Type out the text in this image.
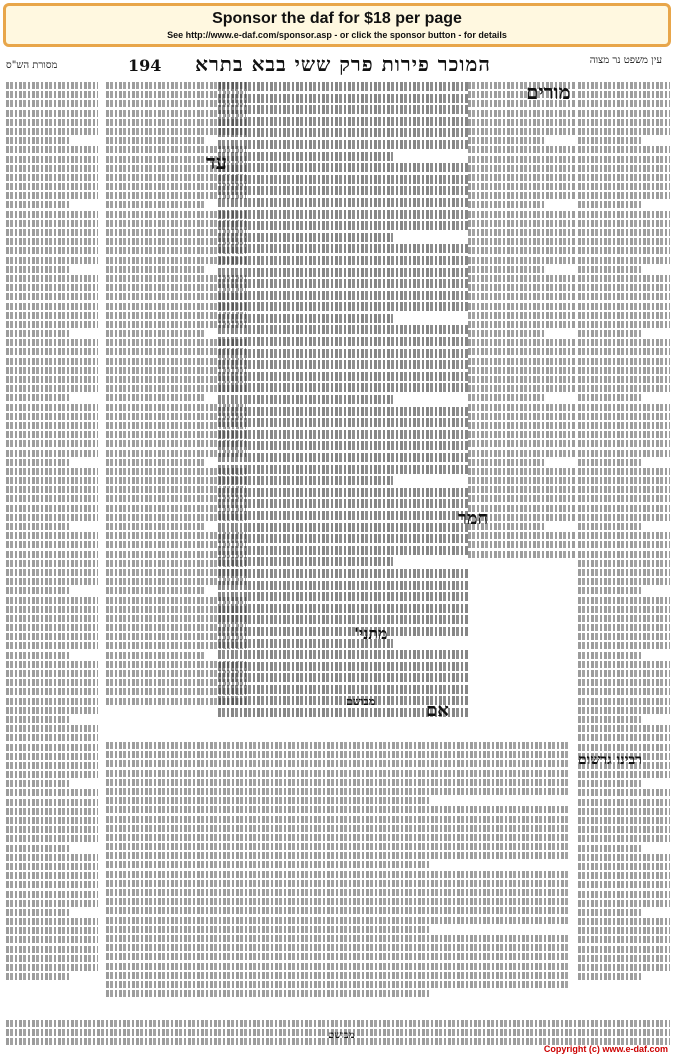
Sponsor the daf for $18 per page
See http://www.e-daf.com/sponsor.asp - or click the sponsor button - for details
מסורת הש"ס	194	המוכר פירות פרק ששי בבא בתרא	עין משפט נר מצוה
מורים
עד
חמר
אם
מתני'
מבושם
מבושם
רבינו גרשום
Copyright (c) www.e-daf.com
